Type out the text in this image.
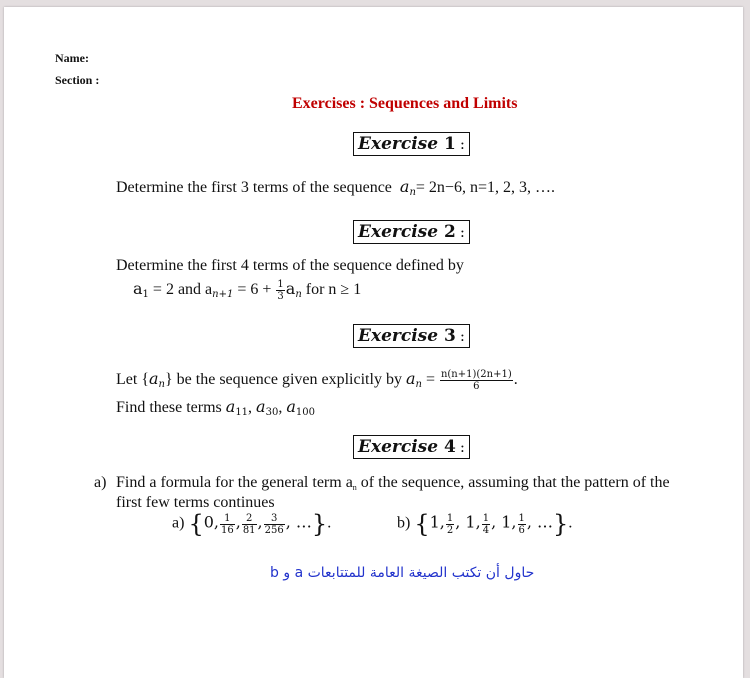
Name:
Section :
Exercises : Sequences and Limits
Exercise 1 :
Determine the first 3 terms of the sequence $a_n= 2n-6$, n=1, 2, 3, ….
Exercise 2 :
Determine the first 4 terms of the sequence defined by
$a_1 = 2$ and $a_{n+1} = 6 + \frac{1}{3} a_n$ for n ≥ 1
Exercise 3 :
Let $\{a_n\}$ be the sequence given explicitly by $a_n = \frac{n(n+1)(2n+1)}{6}$ .
Find these terms $a_{11}$, $a_{30}$, $a_{100}$
Exercise 4 :
a) Find a formula for the general term $a_n$ of the sequence, assuming that the pattern of the
first few terms continues
a) {0, $\frac{1}{16}$ , $\frac{2}{81}$ , $\frac{3}{256}$ , …}.	b) {1, $\frac{1}{2}$ , 1, $\frac{1}{4}$ , 1, $\frac{1}{6}$ , …}.
حاول أن تكتب الصيغة العامة للمتتابعات a و b
